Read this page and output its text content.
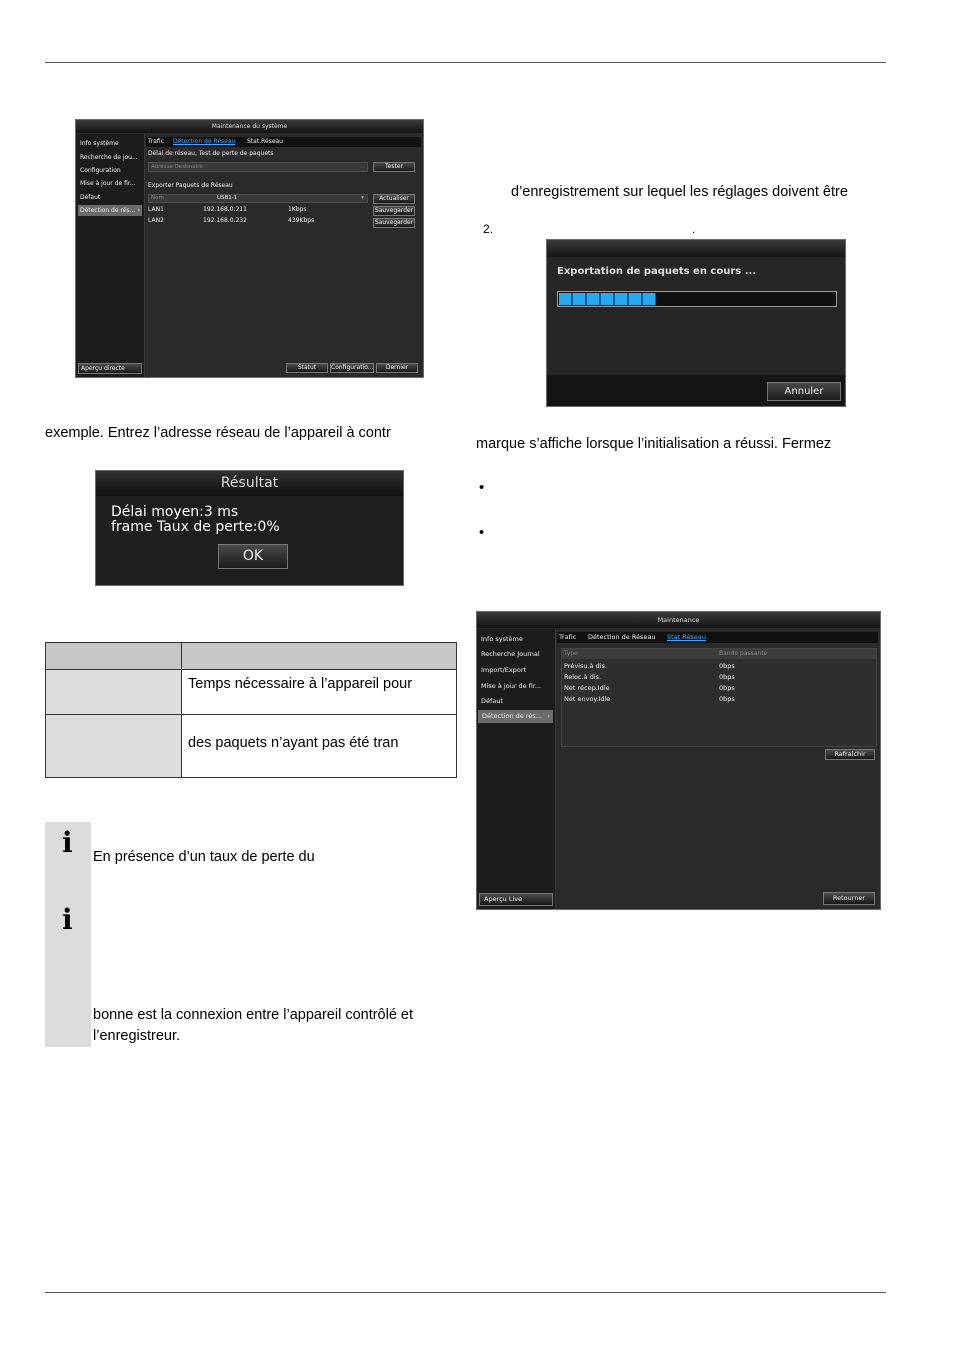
Maintenance du système
Info système
Recherche de jou...
Configuration
Mise à jour de fir...
Défaut
Détection de rés... ›
Aperçu directe
Trafic Détection de Réseau Stat.Réseau
Délai de réseau, Test de perte de paquets
Adresse Destinaire	Tester
Exporter Paquets de Réseau
Nom	USB1-1	▾	Actualiser
LAN1	192.168.0.211	1Kbps	Sauvegarder
LAN2	192.168.0.232	439Kbps	Sauvegarder
Statut	Configuratio...	Dernier
exemple. Entrez l’adresse réseau de l’appareil à contr
Résultat
Délai moyen:3 ms
frame Taux de perte:0%
OK

	Temps nécessaire à l’appareil pour
	des paquets n’ayant pas été tran
i
i
En présence d’un taux de perte du
bonne est la connexion entre l’appareil contrôlé et
l’enregistreur.
d’enregistrement sur lequel les réglages doivent être
2.	.
Exportation de paquets en cours ...
Annuler
marque s’affiche lorsque l’initialisation a réussi. Fermez
•
•
Maintenance
Info système
Recherche Journal
Import/Export
Mise à jour de fir...
Défaut
Détection de rés... ›
Aperçu Live
Trafic Détection de Réseau Stat.Réseau
Type	Bande passante
Prévisu.à dis.	0bps
Reloc.à dis.	0bps
Net récep.Idle	0bps
Net envoy.Idle	0bps
Rafraîchir
Retourner
